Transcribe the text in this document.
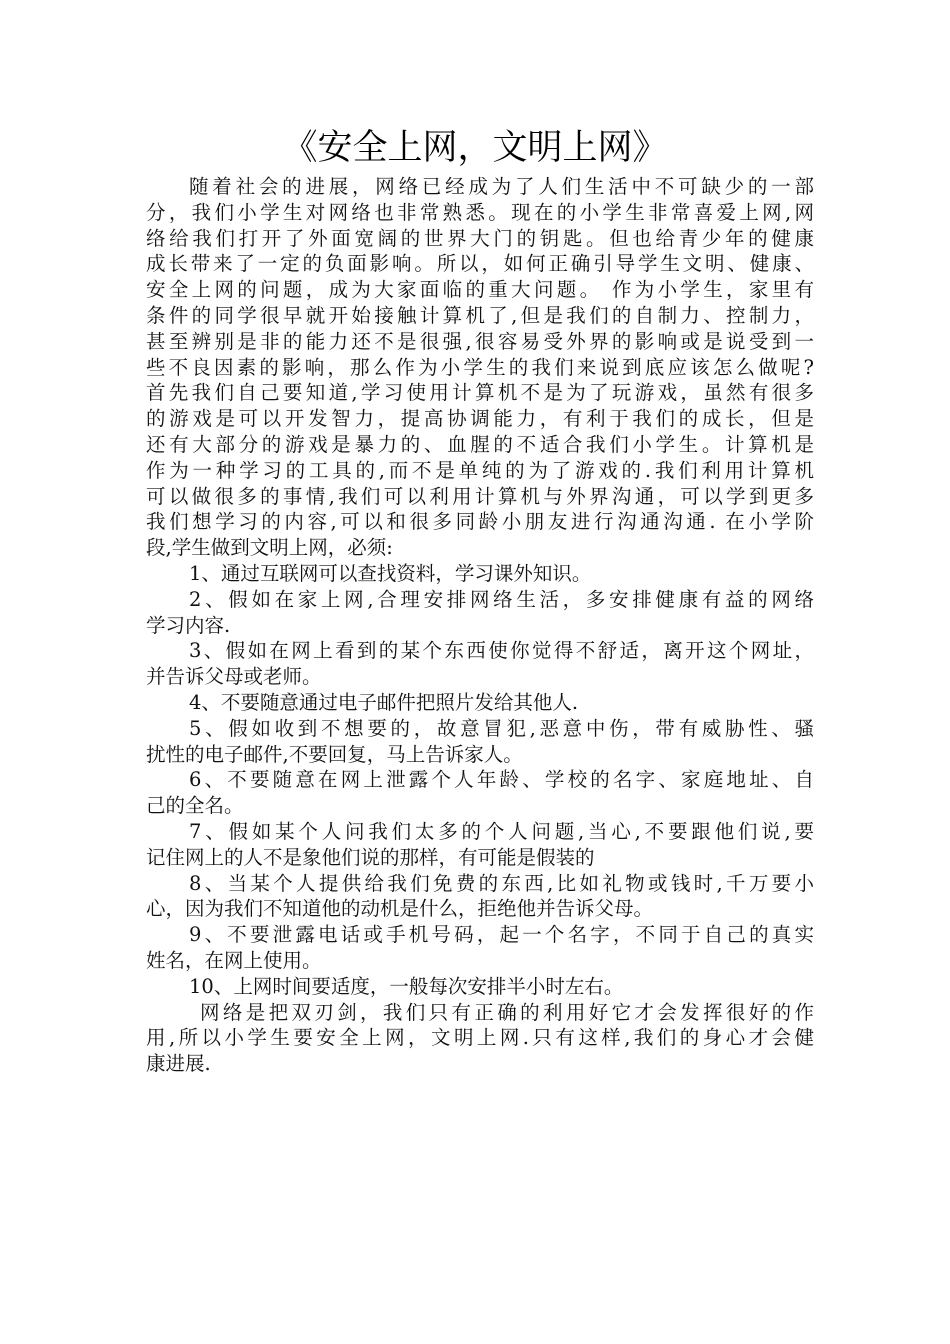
《安全上网，文明上网》
随着社会的进展，网络已经成为了人们生活中不可缺少的一部
分，我们小学生对网络也非常熟悉。现在的小学生非常喜爱上网,网
络给我们打开了外面宽阔的世界大门的钥匙。但也给青少年的健康
成长带来了一定的负面影响。所以，如何正确引导学生文明、健康、
安全上网的问题，成为大家面临的重大问题。 作为小学生，家里有
条件的同学很早就开始接触计算机了,但是我们的自制力、控制力，
甚至辨别是非的能力还不是很强,很容易受外界的影响或是说受到一
些不良因素的影响，那么作为小学生的我们来说到底应该怎么做呢?
首先我们自己要知道,学习使用计算机不是为了玩游戏，虽然有很多
的游戏是可以开发智力，提高协调能力，有利于我们的成长，但是
还有大部分的游戏是暴力的、血腥的不适合我们小学生。计算机是
作为一种学习的工具的,而不是单纯的为了游戏的.我们利用计算机
可以做很多的事情,我们可以利用计算机与外界沟通，可以学到更多
我们想学习的内容,可以和很多同龄小朋友进行沟通沟通. 在小学阶
段,学生做到文明上网，必须:
1、通过互联网可以查找资料，学习课外知识。
2、假如在家上网,合理安排网络生活，多安排健康有益的网络
学习内容.
3、假如在网上看到的某个东西使你觉得不舒适，离开这个网址，
并告诉父母或老师。
4、不要随意通过电子邮件把照片发给其他人.
5、假如收到不想要的，故意冒犯,恶意中伤，带有威胁性、骚
扰性的电子邮件,不要回复，马上告诉家人。
6、不要随意在网上泄露个人年龄、学校的名字、家庭地址、自
己的全名。
7、假如某个人问我们太多的个人问题,当心,不要跟他们说,要
记住网上的人不是象他们说的那样，有可能是假装的
8、当某个人提供给我们免费的东西,比如礼物或钱时,千万要小
心，因为我们不知道他的动机是什么，拒绝他并告诉父母。
9、不要泄露电话或手机号码，起一个名字，不同于自己的真实
姓名，在网上使用。
10、上网时间要适度，一般每次安排半小时左右。
网络是把双刃剑，我们只有正确的利用好它才会发挥很好的作
用,所以小学生要安全上网，文明上网.只有这样,我们的身心才会健
康进展.
